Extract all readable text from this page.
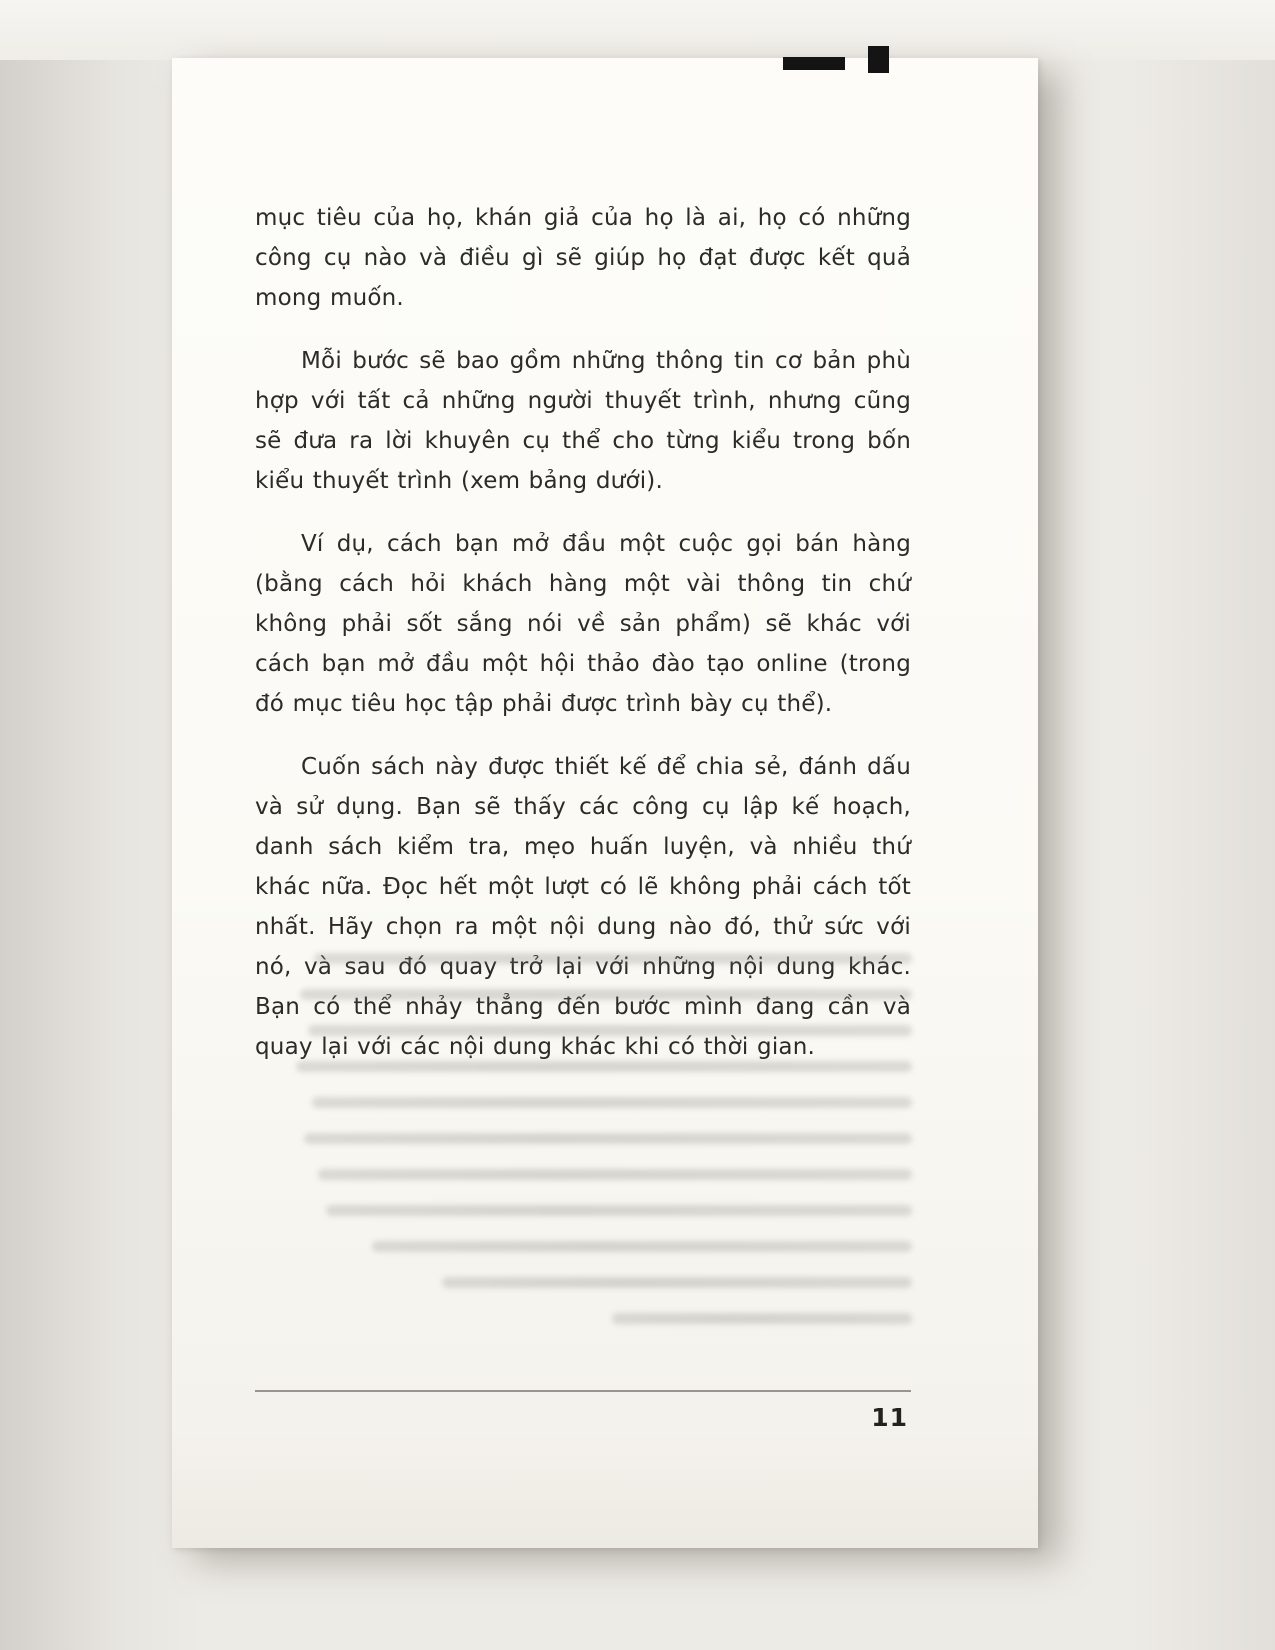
mục tiêu của họ, khán giả của họ là ai, họ có những công cụ nào và điều gì sẽ giúp họ đạt được kết quả mong muốn.

Mỗi bước sẽ bao gồm những thông tin cơ bản phù hợp với tất cả những người thuyết trình, nhưng cũng sẽ đưa ra lời khuyên cụ thể cho từng kiểu trong bốn kiểu thuyết trình (xem bảng dưới).

Ví dụ, cách bạn mở đầu một cuộc gọi bán hàng (bằng cách hỏi khách hàng một vài thông tin chứ không phải sốt sắng nói về sản phẩm) sẽ khác với cách bạn mở đầu một hội thảo đào tạo online (trong đó mục tiêu học tập phải được trình bày cụ thể).

Cuốn sách này được thiết kế để chia sẻ, đánh dấu và sử dụng. Bạn sẽ thấy các công cụ lập kế hoạch, danh sách kiểm tra, mẹo huấn luyện, và nhiều thứ khác nữa. Đọc hết một lượt có lẽ không phải cách tốt nhất. Hãy chọn ra một nội dung nào đó, thử sức với nó, và sau đó quay trở lại với những nội dung khác. Bạn có thể nhảy thẳng đến bước mình đang cần và quay lại với các nội dung khác khi có thời gian.

11
